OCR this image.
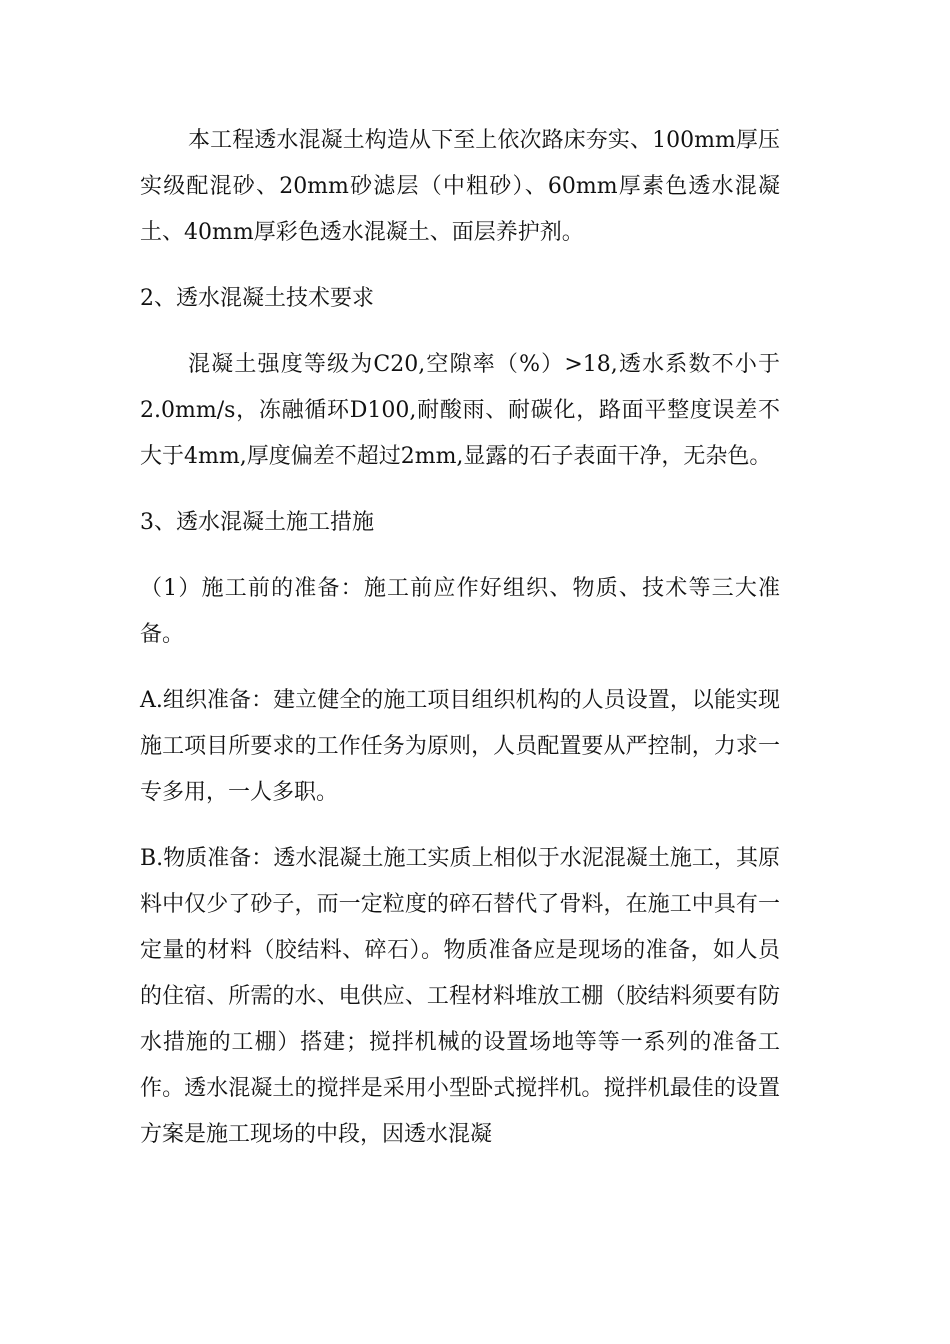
本工程透水混凝土构造从下至上依次路床夯实、100mm厚压实级配混砂、20mm砂滤层（中粗砂）、60mm厚素色透水混凝土、40mm厚彩色透水混凝土、面层养护剂。

2、透水混凝土技术要求

混凝土强度等级为C20,空隙率（%）>18,透水系数不小于2.0mm/s，冻融循环D100,耐酸雨、耐碳化，路面平整度误差不大于4mm,厚度偏差不超过2mm,显露的石子表面干净，无杂色。

3、透水混凝土施工措施

（1）施工前的准备：施工前应作好组织、物质、技术等三大准备。

A.组织准备：建立健全的施工项目组织机构的人员设置，以能实现施工项目所要求的工作任务为原则，人员配置要从严控制，力求一专多用，一人多职。

B.物质准备：透水混凝土施工实质上相似于水泥混凝土施工，其原料中仅少了砂子，而一定粒度的碎石替代了骨料，在施工中具有一定量的材料（胶结料、碎石）。物质准备应是现场的准备，如人员的住宿、所需的水、电供应、工程材料堆放工棚（胶结料须要有防水措施的工棚）搭建；搅拌机械的设置场地等等一系列的准备工作。透水混凝土的搅拌是采用小型卧式搅拌机。搅拌机最佳的设置方案是施工现场的中段，因透水混凝
